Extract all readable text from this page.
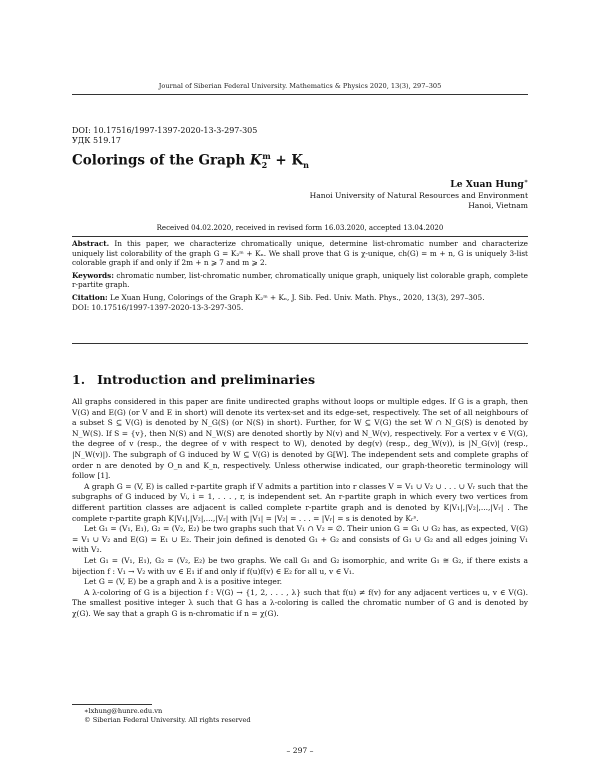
Journal of Siberian Federal University. Mathematics & Physics 2020, 13(3), 297–305
DOI: 10.17516/1997-1397-2020-13-3-297-305
УДК 519.17
Colorings of the Graph $K_2^m + K_n$
Le Xuan Hung∗
Hanoi University of Natural Resources and Environment
Hanoi, Vietnam
Received 04.02.2020, received in revised form 16.03.2020, accepted 13.04.2020

Abstract. In this paper, we characterize chromatically unique, determine list-chromatic number and characterize uniquely list colorability of the graph G = K₂ᵐ + Kₙ. We shall prove that G is χ-unique, ch(G) = m + n, G is uniquely 3-list colorable graph if and only if 2m + n ⩾ 7 and m ⩾ 2.

Keywords: chromatic number, list-chromatic number, chromatically unique graph, uniquely list colorable graph, complete r-partite graph.

Citation: Le Xuan Hung, Colorings of the Graph K₂ᵐ + Kₙ, J. Sib. Fed. Univ. Math. Phys., 2020, 13(3), 297–305.
DOI: 10.17516/1997-1397-2020-13-3-297-305.

1. Introduction and preliminaries

All graphs considered in this paper are finite undirected graphs without loops or multiple edges. If G is a graph, then V(G) and E(G) (or V and E in short) will denote its vertex-set and its edge-set, respectively. The set of all neighbours of a subset S ⊆ V(G) is denoted by N_G(S) (or N(S) in short). Further, for W ⊆ V(G) the set W ∩ N_G(S) is denoted by N_W(S). If S = {v}, then N(S) and N_W(S) are denoted shortly by N(v) and N_W(v), respectively. For a vertex v ∈ V(G), the degree of v (resp., the degree of v with respect to W), denoted by deg(v) (resp., deg_W(v)), is |N_G(v)| (resp., |N_W(v)|). The subgraph of G induced by W ⊆ V(G) is denoted by G[W]. The independent sets and complete graphs of order n are denoted by O_n and K_n, respectively. Unless otherwise indicated, our graph-theoretic terminology will follow [1].

A graph G = (V, E) is called r-partite graph if V admits a partition into r classes V = V₁ ∪ V₂ ∪ . . . ∪ Vᵣ such that the subgraphs of G induced by Vᵢ, i = 1, . . . , r, is independent set. An r-partite graph in which every two vertices from different partition classes are adjacent is called complete r-partite graph and is denoted by K|V₁|,|V₂|,...,|Vᵣ| . The complete r-partite graph K|V₁|,|V₂|,...,|Vᵣ| with |V₁| = |V₂| = . . . = |Vᵣ| = s is denoted by Kᵣˢ.

Let G₁ = (V₁, E₁), G₂ = (V₂, E₂) be two graphs such that V₁ ∩ V₂ = ∅. Their union G = G₁ ∪ G₂ has, as expected, V(G) = V₁ ∪ V₂ and E(G) = E₁ ∪ E₂. Their join defined is denoted G₁ + G₂ and consists of G₁ ∪ G₂ and all edges joining V₁ with V₂.

Let G₁ = (V₁, E₁), G₂ = (V₂, E₂) be two graphs. We call G₁ and G₂ isomorphic, and write G₁ ≅ G₂, if there exists a bijection f : V₁ → V₂ with uv ∈ E₁ if and only if f(u)f(v) ∈ E₂ for all u, v ∈ V₁.

Let G = (V, E) be a graph and λ is a positive integer.

A λ-coloring of G is a bijection f : V(G) → {1, 2, . . . , λ} such that f(u) ≠ f(v) for any adjacent vertices u, v ∈ V(G). The smallest positive integer λ such that G has a λ-coloring is called the chromatic number of G and is denoted by χ(G). We say that a graph G is n-chromatic if n = χ(G).

∗lxhung@hunre.edu.vn
© Siberian Federal University. All rights reserved
– 297 –
